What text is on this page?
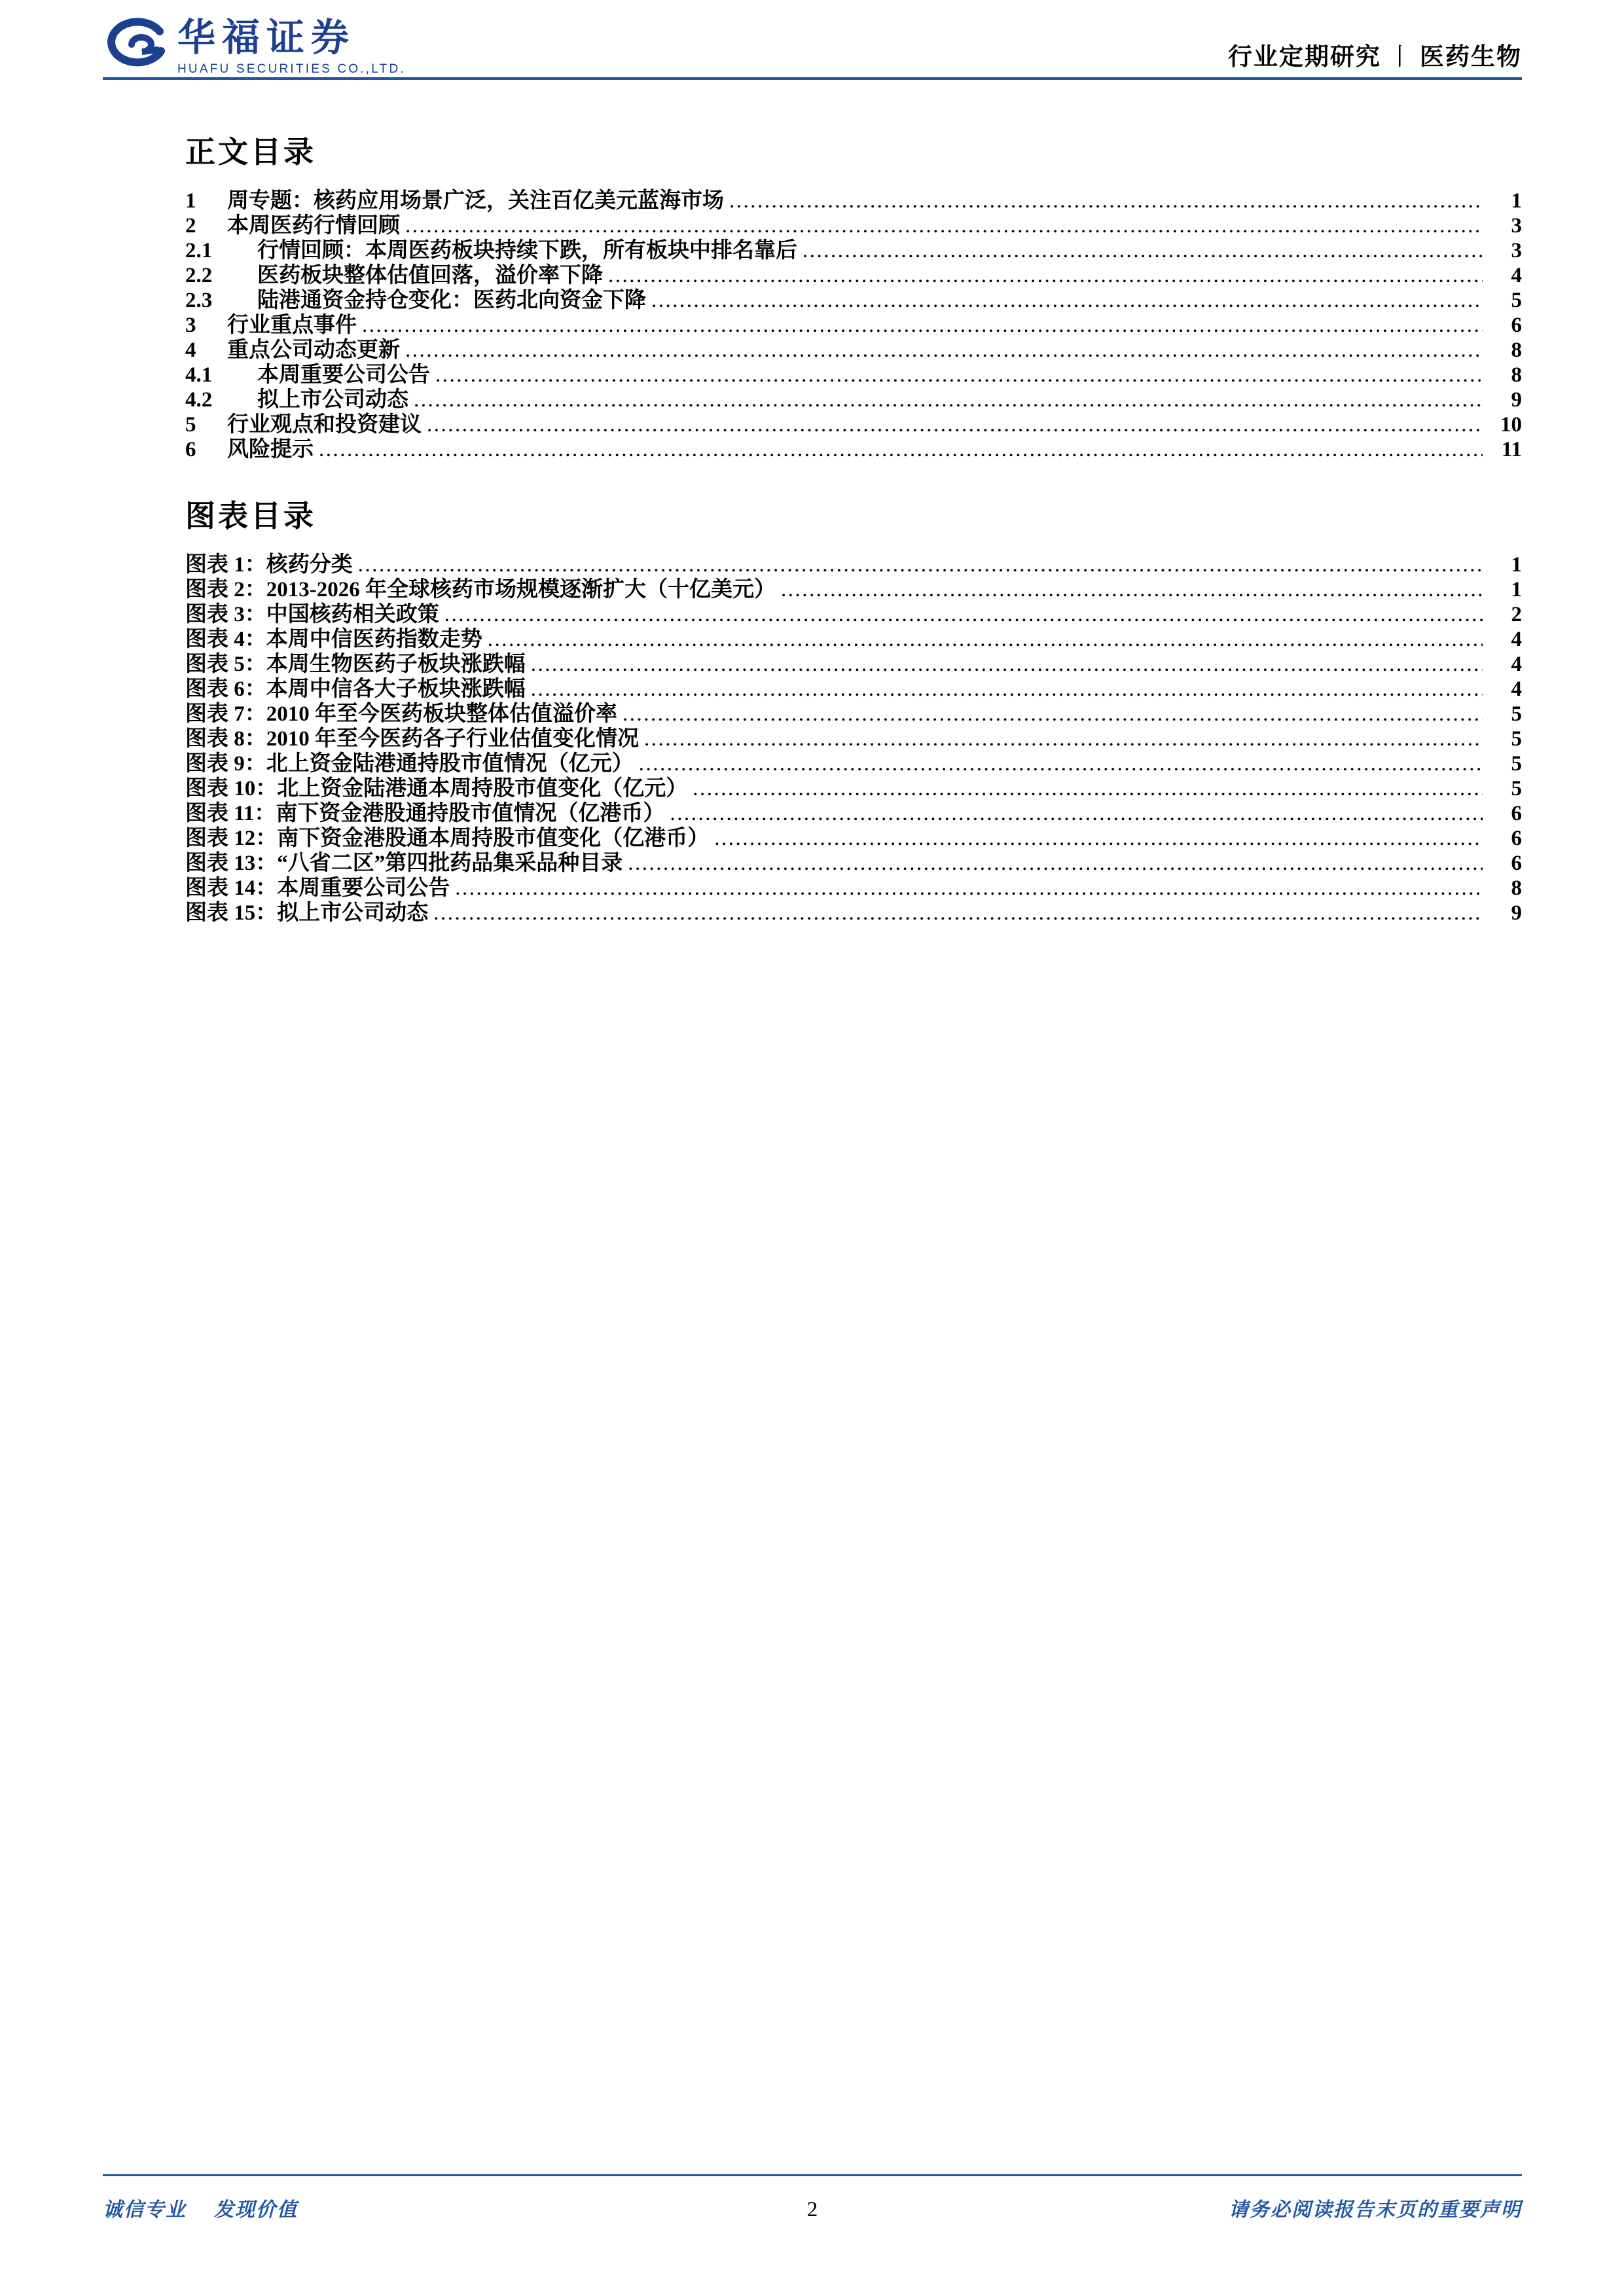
华福证券
HUAFU SECURITIES CO.,LTD.	行业定期研究 丨 医药生物
正文目录
1	周专题：核药应用场景广泛，关注百亿美元蓝海市场 .....	1
2	本周医药行情回顾 .....	3
2.1	行情回顾：本周医药板块持续下跌，所有板块中排名靠后 .....	3
2.2	医药板块整体估值回落，溢价率下降 .....	4
2.3	陆港通资金持仓变化：医药北向资金下降 .....	5
3	行业重点事件 .....	6
4	重点公司动态更新 .....	8
4.1	本周重要公司公告 .....	8
4.2	拟上市公司动态 .....	9
5	行业观点和投资建议 .....	10
6	风险提示 .....	11
图表目录
图表 1：核药分类 .....	1
图表 2：2013-2026 年全球核药市场规模逐渐扩大（十亿美元） .....	1
图表 3：中国核药相关政策 .....	2
图表 4：本周中信医药指数走势 .....	4
图表 5：本周生物医药子板块涨跌幅 .....	4
图表 6：本周中信各大子板块涨跌幅 .....	4
图表 7：2010 年至今医药板块整体估值溢价率 .....	5
图表 8：2010 年至今医药各子行业估值变化情况 .....	5
图表 9：北上资金陆港通持股市值情况（亿元） .....	5
图表 10：北上资金陆港通本周持股市值变化（亿元） .....	5
图表 11：南下资金港股通持股市值情况（亿港币） .....	6
图表 12：南下资金港股通本周持股市值变化（亿港币） .....	6
图表 13：“八省二区”第四批药品集采品种目录 .....	6
图表 14：本周重要公司公告 .....	8
图表 15：拟上市公司动态 .....	9
诚信专业 发现价值	2	请务必阅读报告末页的重要声明
